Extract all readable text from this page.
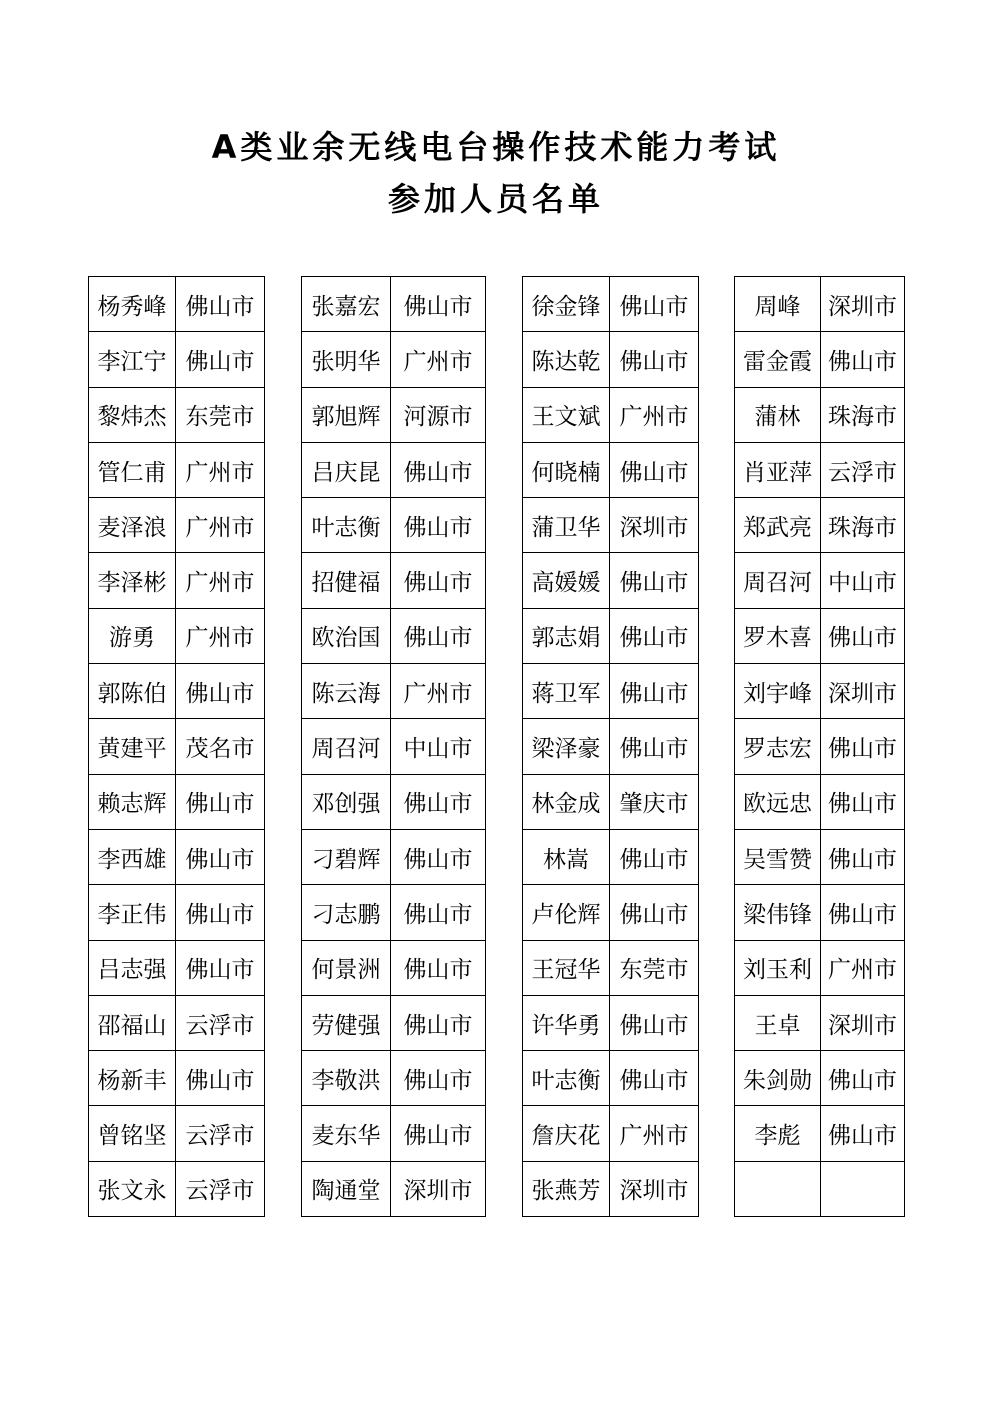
A类业余无线电台操作技术能力考试
参加人员名单
杨秀峰	佛山市
李江宁	佛山市
黎炜杰	东莞市
管仁甫	广州市
麦泽浪	广州市
李泽彬	广州市
游勇	广州市
郭陈伯	佛山市
黄建平	茂名市
赖志辉	佛山市
李西雄	佛山市
李正伟	佛山市
吕志强	佛山市
邵福山	云浮市
杨新丰	佛山市
曾铭坚	云浮市
张文永	云浮市
张嘉宏	佛山市
张明华	广州市
郭旭辉	河源市
吕庆昆	佛山市
叶志衡	佛山市
招健福	佛山市
欧治国	佛山市
陈云海	广州市
周召河	中山市
邓创强	佛山市
刁碧辉	佛山市
刁志鹏	佛山市
何景洲	佛山市
劳健强	佛山市
李敬洪	佛山市
麦东华	佛山市
陶通堂	深圳市
徐金锋	佛山市
陈达乾	佛山市
王文斌	广州市
何晓楠	佛山市
蒲卫华	深圳市
高媛媛	佛山市
郭志娟	佛山市
蒋卫军	佛山市
梁泽豪	佛山市
林金成	肇庆市
林嵩	佛山市
卢伦辉	佛山市
王冠华	东莞市
许华勇	佛山市
叶志衡	佛山市
詹庆花	广州市
张燕芳	深圳市
周峰	深圳市
雷金霞	佛山市
蒲林	珠海市
肖亚萍	云浮市
郑武亮	珠海市
周召河	中山市
罗木喜	佛山市
刘宇峰	深圳市
罗志宏	佛山市
欧远忠	佛山市
吴雪赞	佛山市
梁伟锋	佛山市
刘玉利	广州市
王卓	深圳市
朱剑勋	佛山市
李彪	佛山市
